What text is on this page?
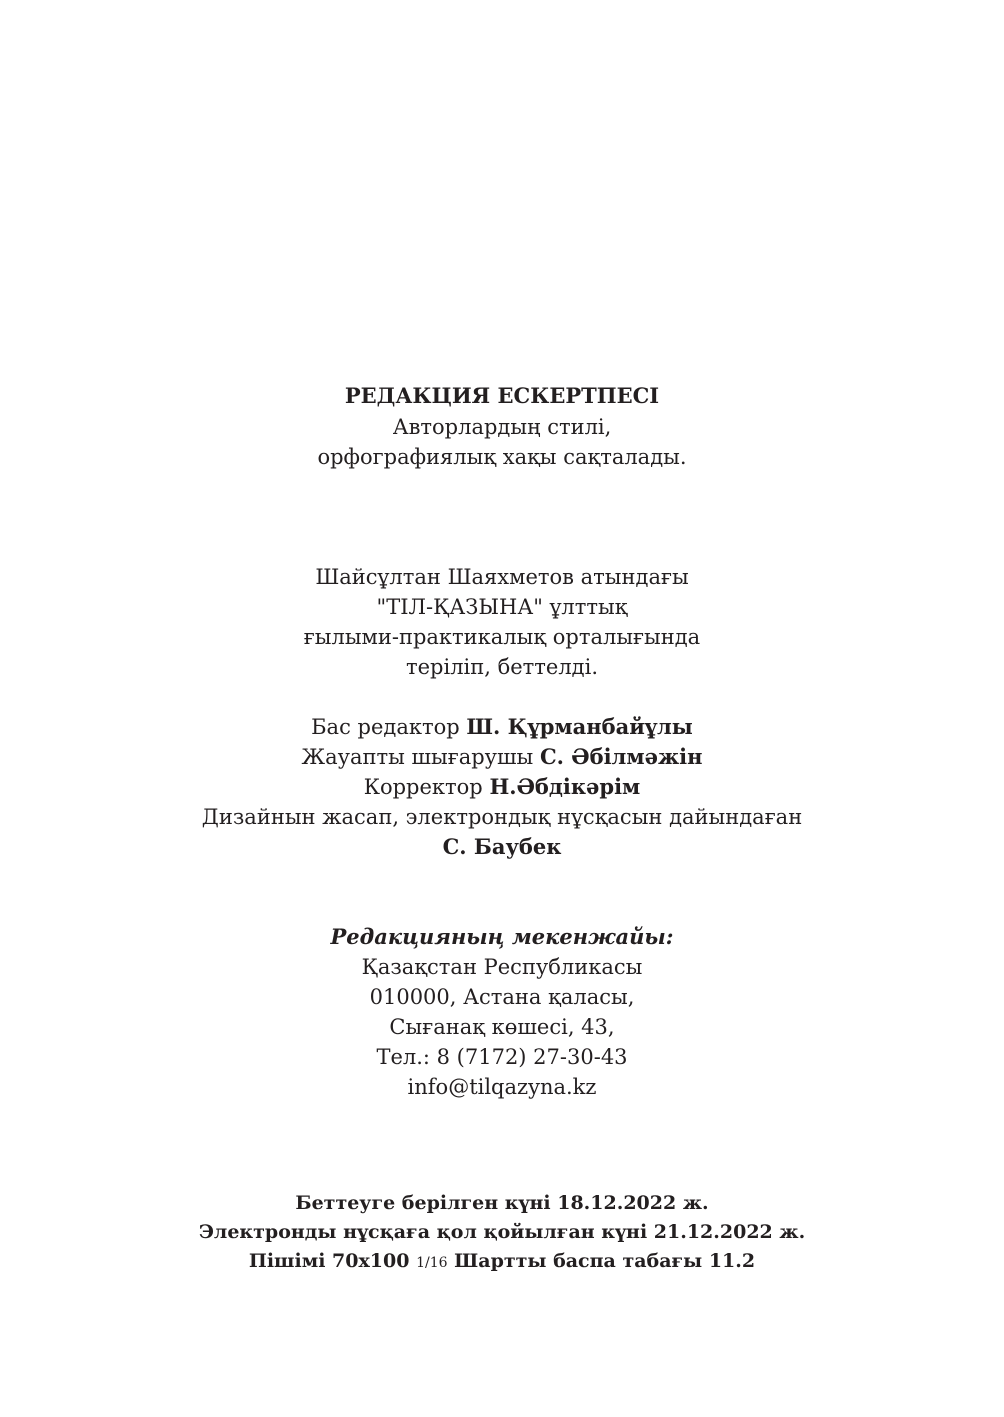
РЕДАКЦИЯ ЕСКЕРТПЕСІ
Авторлардың стилі,
орфографиялық хақы сақталады.
Шайсұлтан Шаяхметов атындағы
"ТІЛ-ҚАЗЫНА" ұлттық
ғылыми-практикалық орталығында
теріліп, беттелді.
Бас редактор Ш. Құрманбайұлы
Жауапты шығарушы С. Әбілмәжін
Корректор Н.Әбдікәрім
Дизайнын жасап, электрондық нұсқасын дайындаған
С. Баубек
Редакцияның мекенжайы:
Қазақстан Республикасы
010000, Астана қаласы,
Сығанақ көшесі, 43,
Тел.: 8 (7172) 27-30-43
info@tilqazyna.kz
Беттеуге берілген күні 18.12.2022 ж.
Электронды нұсқаға қол қойылған күні 21.12.2022 ж.
Пішімі 70х100 1/16 Шартты баспа табағы 11.2
